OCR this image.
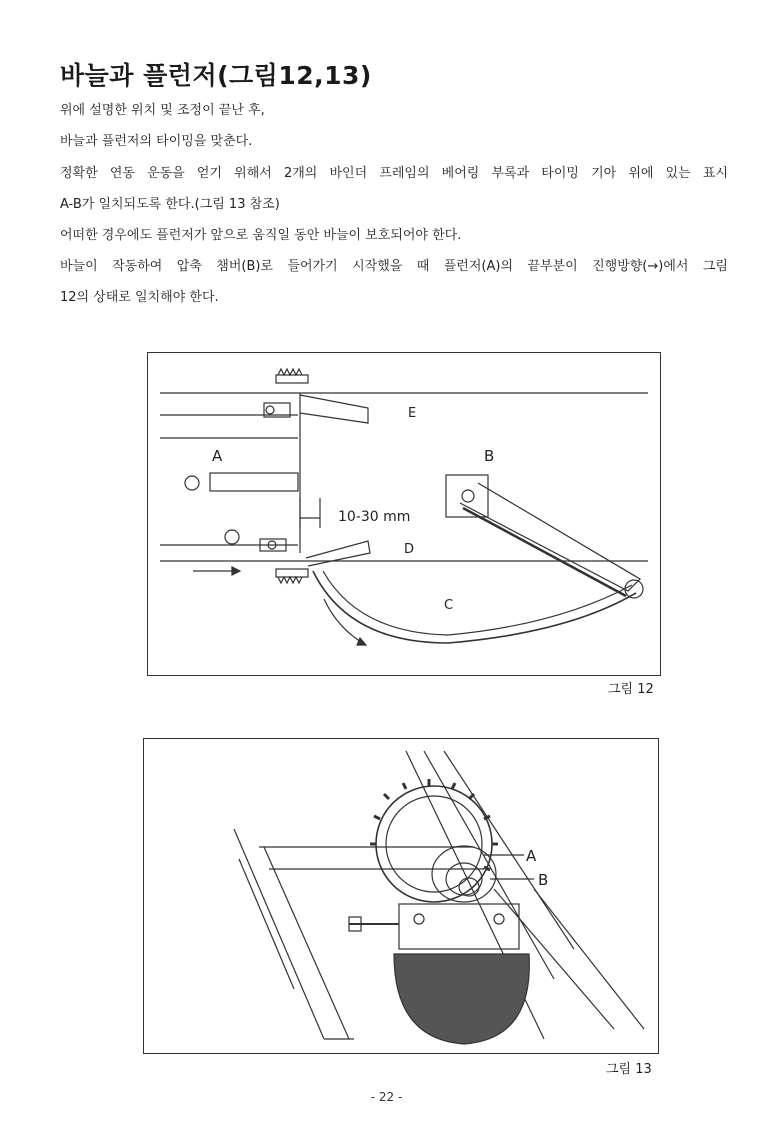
바늘과 플런저(그림12,13)
위에 설명한 위치 및 조정이 끝난 후,
바늘과 플런저의 타이밍을 맞춘다.
정확한 연동 운동을 얻기 위해서 2개의 바인더 프레임의 베어링 부록과 타이밍 기아 위에 있는 표시
A-B가 일치되도록 한다.(그림 13 참조)
어떠한 경우에도 플런저가 앞으로 움직일 동안 바늘이 보호되어야 한다.
바늘이 작동하여 압축 챔버(B)로 들어가기 시작했을 때 플런저(A)의 끝부분이 진행방향(→)에서 그림
12의 상태로 일치해야 한다.
E
A	B
10-30 mm
D
C
그림 12
A
B
그림 13
- 22 -
